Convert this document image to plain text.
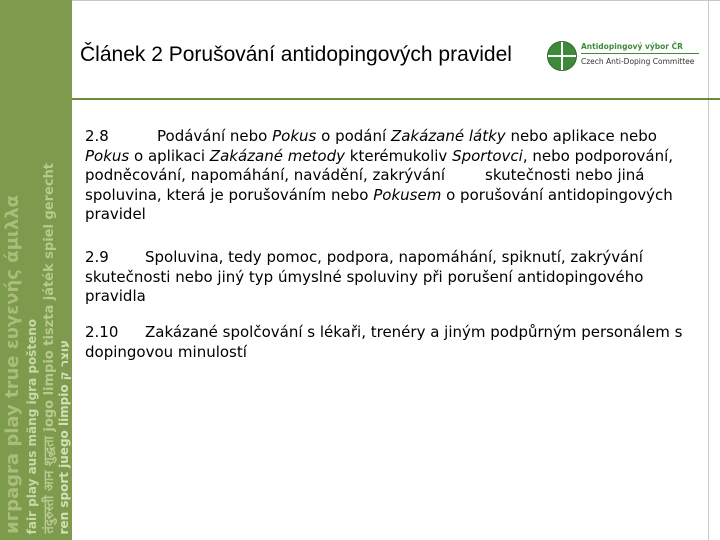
играgra play true ευγενής άμιλλα fair play aus mäng igra pošteno तंदुरुस्ती आन शुद्धता jogo limpio tiszta játék spiel gerecht ren sport juego limpio עוצר ק
Článek 2 Porušování antidopingových pravidel	Antidopingový výbor ČR
Czech Anti-Doping Committee

2.8	Podávání nebo Pokus o podání Zakázané látky nebo aplikace nebo Pokus o aplikaci Zakázané metody kterémukoliv Sportovci, nebo podporování, podněcování, napomáhání, navádění, zakrývání	skutečnosti nebo jiná spoluvina, která je porušováním nebo Pokusem o porušování antidopingových pravidel

2.9 Spoluvina, tedy pomoc, podpora, napomáhání, spiknutí, zakrývání skutečnosti nebo jiný typ úmyslné spoluviny při porušení antidopingového pravidla

2.10 Zakázané spolčování s lékaři, trenéry a jiným podpůrným personálem s dopingovou minulostí
